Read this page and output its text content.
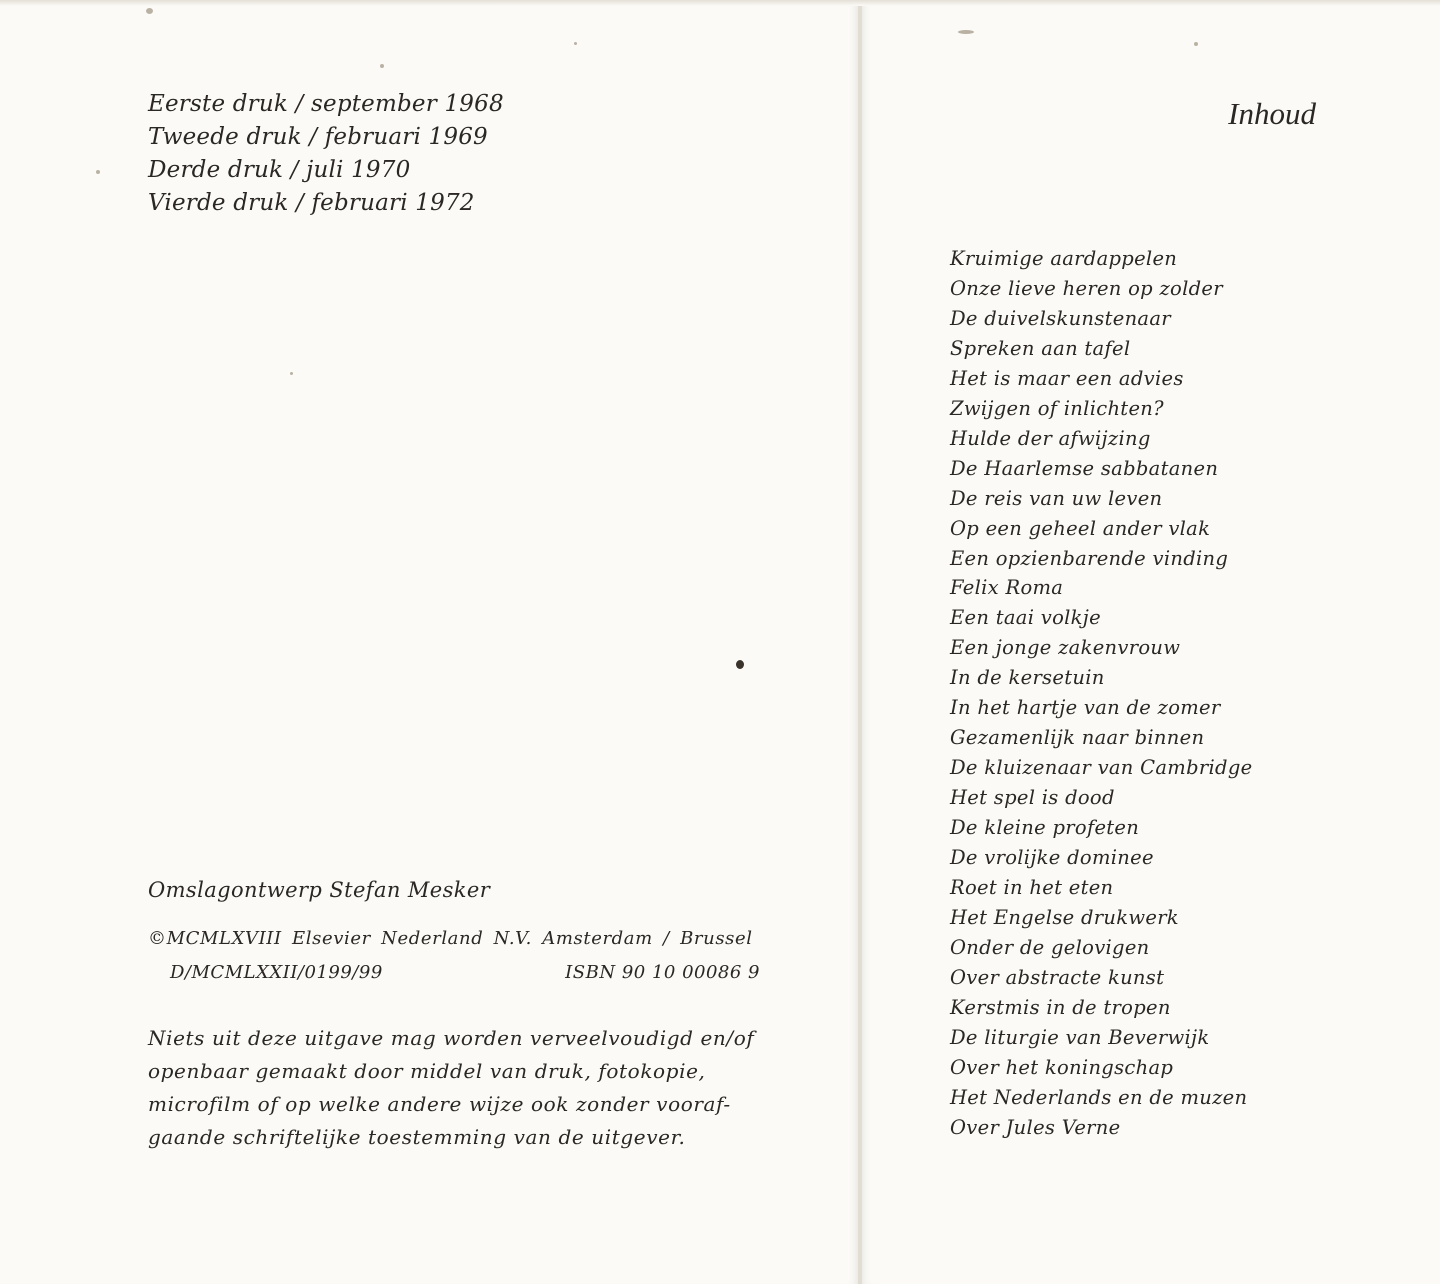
Eerste druk / september 1968
Tweede druk / februari 1969
Derde druk / juli 1970
Vierde druk / februari 1972
Omslagontwerp Stefan Mesker
©MCMLXVIII Elsevier Nederland N.V. Amsterdam / Brussel
D/MCMLXXII/0199/99	ISBN 90 10 00086 9
Niets uit deze uitgave mag worden verveelvoudigd en/of
openbaar gemaakt door middel van druk, fotokopie,
microfilm of op welke andere wijze ook zonder vooraf-
gaande schriftelijke toestemming van de uitgever.
Inhoud
Kruimige aardappelen
Onze lieve heren op zolder
De duivelskunstenaar
Spreken aan tafel
Het is maar een advies
Zwijgen of inlichten?
Hulde der afwijzing
De Haarlemse sabbatanen
De reis van uw leven
Op een geheel ander vlak
Een opzienbarende vinding
Felix Roma
Een taai volkje
Een jonge zakenvrouw
In de kersetuin
In het hartje van de zomer
Gezamenlijk naar binnen
De kluizenaar van Cambridge
Het spel is dood
De kleine profeten
De vrolijke dominee
Roet in het eten
Het Engelse drukwerk
Onder de gelovigen
Over abstracte kunst
Kerstmis in de tropen
De liturgie van Beverwijk
Over het koningschap
Het Nederlands en de muzen
Over Jules Verne
